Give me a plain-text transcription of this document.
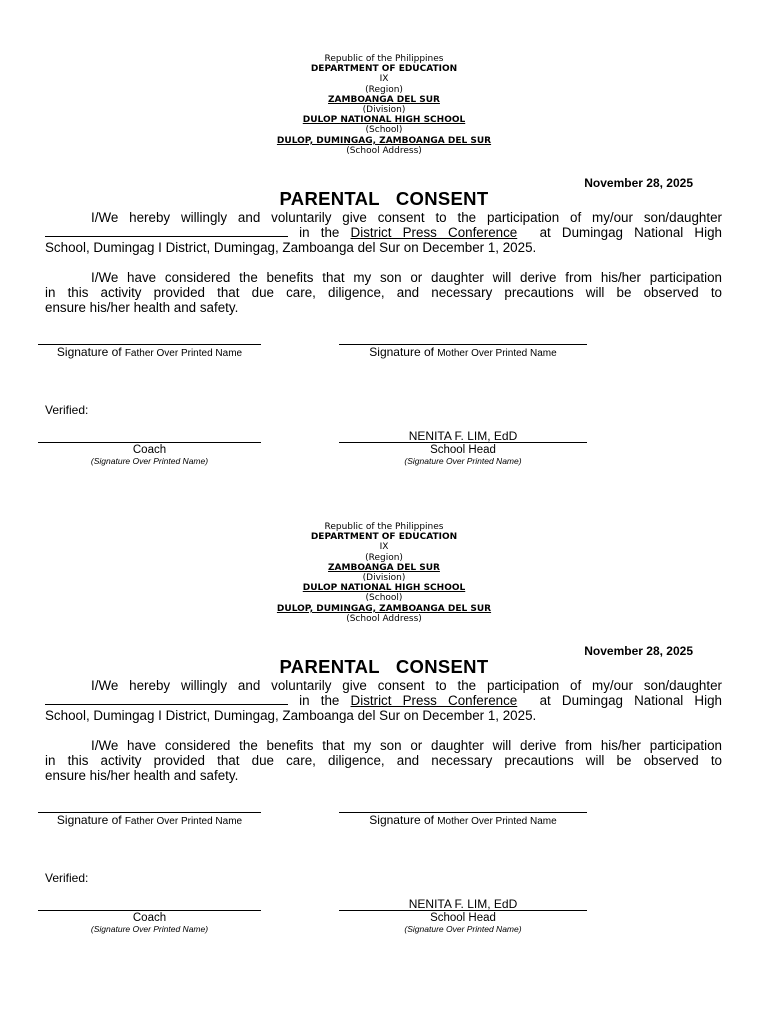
Republic of the Philippines
DEPARTMENT OF EDUCATION
IX
(Region)
ZAMBOANGA DEL SUR
(Division)
DULOP NATIONAL HIGH SCHOOL
(School)
DULOP, DUMINGAG, ZAMBOANGA DEL SUR
(School Address)
November 28, 2025
PARENTAL   CONSENT
I/We hereby willingly and voluntarily give consent to the participation of my/our son/daughter
in the District Press Conference at Dumingag National High
School, Dumingag I District, Dumingag, Zamboanga del Sur on December 1, 2025.
I/We have considered the benefits that my son or daughter will derive from his/her participation
in this activity provided that due care, diligence, and necessary precautions will be observed to
ensure his/her health and safety.
Signature of Father Over Printed Name	Signature of Mother Over Printed Name
Verified:
NENITA F. LIM, EdD
Coach
(Signature Over Printed Name)
School Head
(Signature Over Printed Name)
Republic of the Philippines
DEPARTMENT OF EDUCATION
IX
(Region)
ZAMBOANGA DEL SUR
(Division)
DULOP NATIONAL HIGH SCHOOL
(School)
DULOP, DUMINGAG, ZAMBOANGA DEL SUR
(School Address)
November 28, 2025
PARENTAL   CONSENT
I/We hereby willingly and voluntarily give consent to the participation of my/our son/daughter
in the District Press Conference at Dumingag National High
School, Dumingag I District, Dumingag, Zamboanga del Sur on December 1, 2025.
I/We have considered the benefits that my son or daughter will derive from his/her participation
in this activity provided that due care, diligence, and necessary precautions will be observed to
ensure his/her health and safety.
Signature of Father Over Printed Name	Signature of Mother Over Printed Name
Verified:
NENITA F. LIM, EdD
Coach
(Signature Over Printed Name)
School Head
(Signature Over Printed Name)
